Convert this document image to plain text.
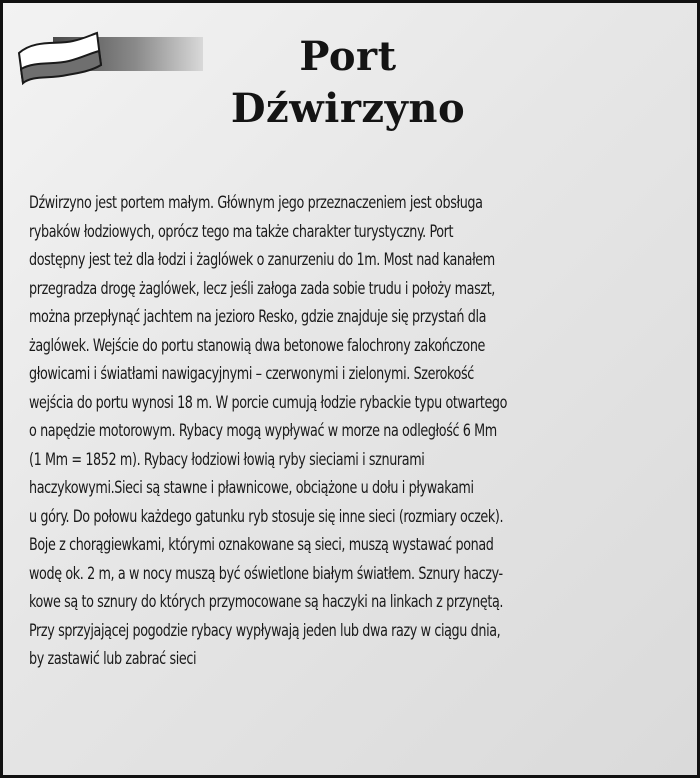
Port
Dźwirzyno
Dźwirzyno jest portem małym. Głównym jego przeznaczeniem jest obsługa
rybaków łodziowych, oprócz tego ma także charakter turystyczny. Port
dostępny jest też dla łodzi i żaglówek o zanurzeniu do 1m. Most nad kanałem
przegradza drogę żaglówek, lecz jeśli załoga zada sobie trudu i położy maszt,
można przepłynąć jachtem na jezioro Resko, gdzie znajduje się przystań dla
żaglówek. Wejście do portu stanowią dwa betonowe falochrony zakończone
głowicami i światłami nawigacyjnymi – czerwonymi i zielonymi. Szerokość
wejścia do portu wynosi 18 m. W porcie cumują łodzie rybackie typu otwartego
o napędzie motorowym. Rybacy mogą wypływać w morze na odległość 6 Mm
(1 Mm = 1852 m). Rybacy łodziowi łowią ryby sieciami i sznurami
haczykowymi.Sieci są stawne i pławnicowe, obciążone u dołu i pływakami
u góry. Do połowu każdego gatunku ryb stosuje się inne sieci (rozmiary oczek).
Boje z chorągiewkami, którymi oznakowane są sieci, muszą wystawać ponad
wodę ok. 2 m, a w nocy muszą być oświetlone białym światłem. Sznury haczy-
kowe są to sznury do których przymocowane są haczyki na linkach z przynętą.
Przy sprzyjającej pogodzie rybacy wypływają jeden lub dwa razy w ciągu dnia,
by zastawić lub zabrać sieci
